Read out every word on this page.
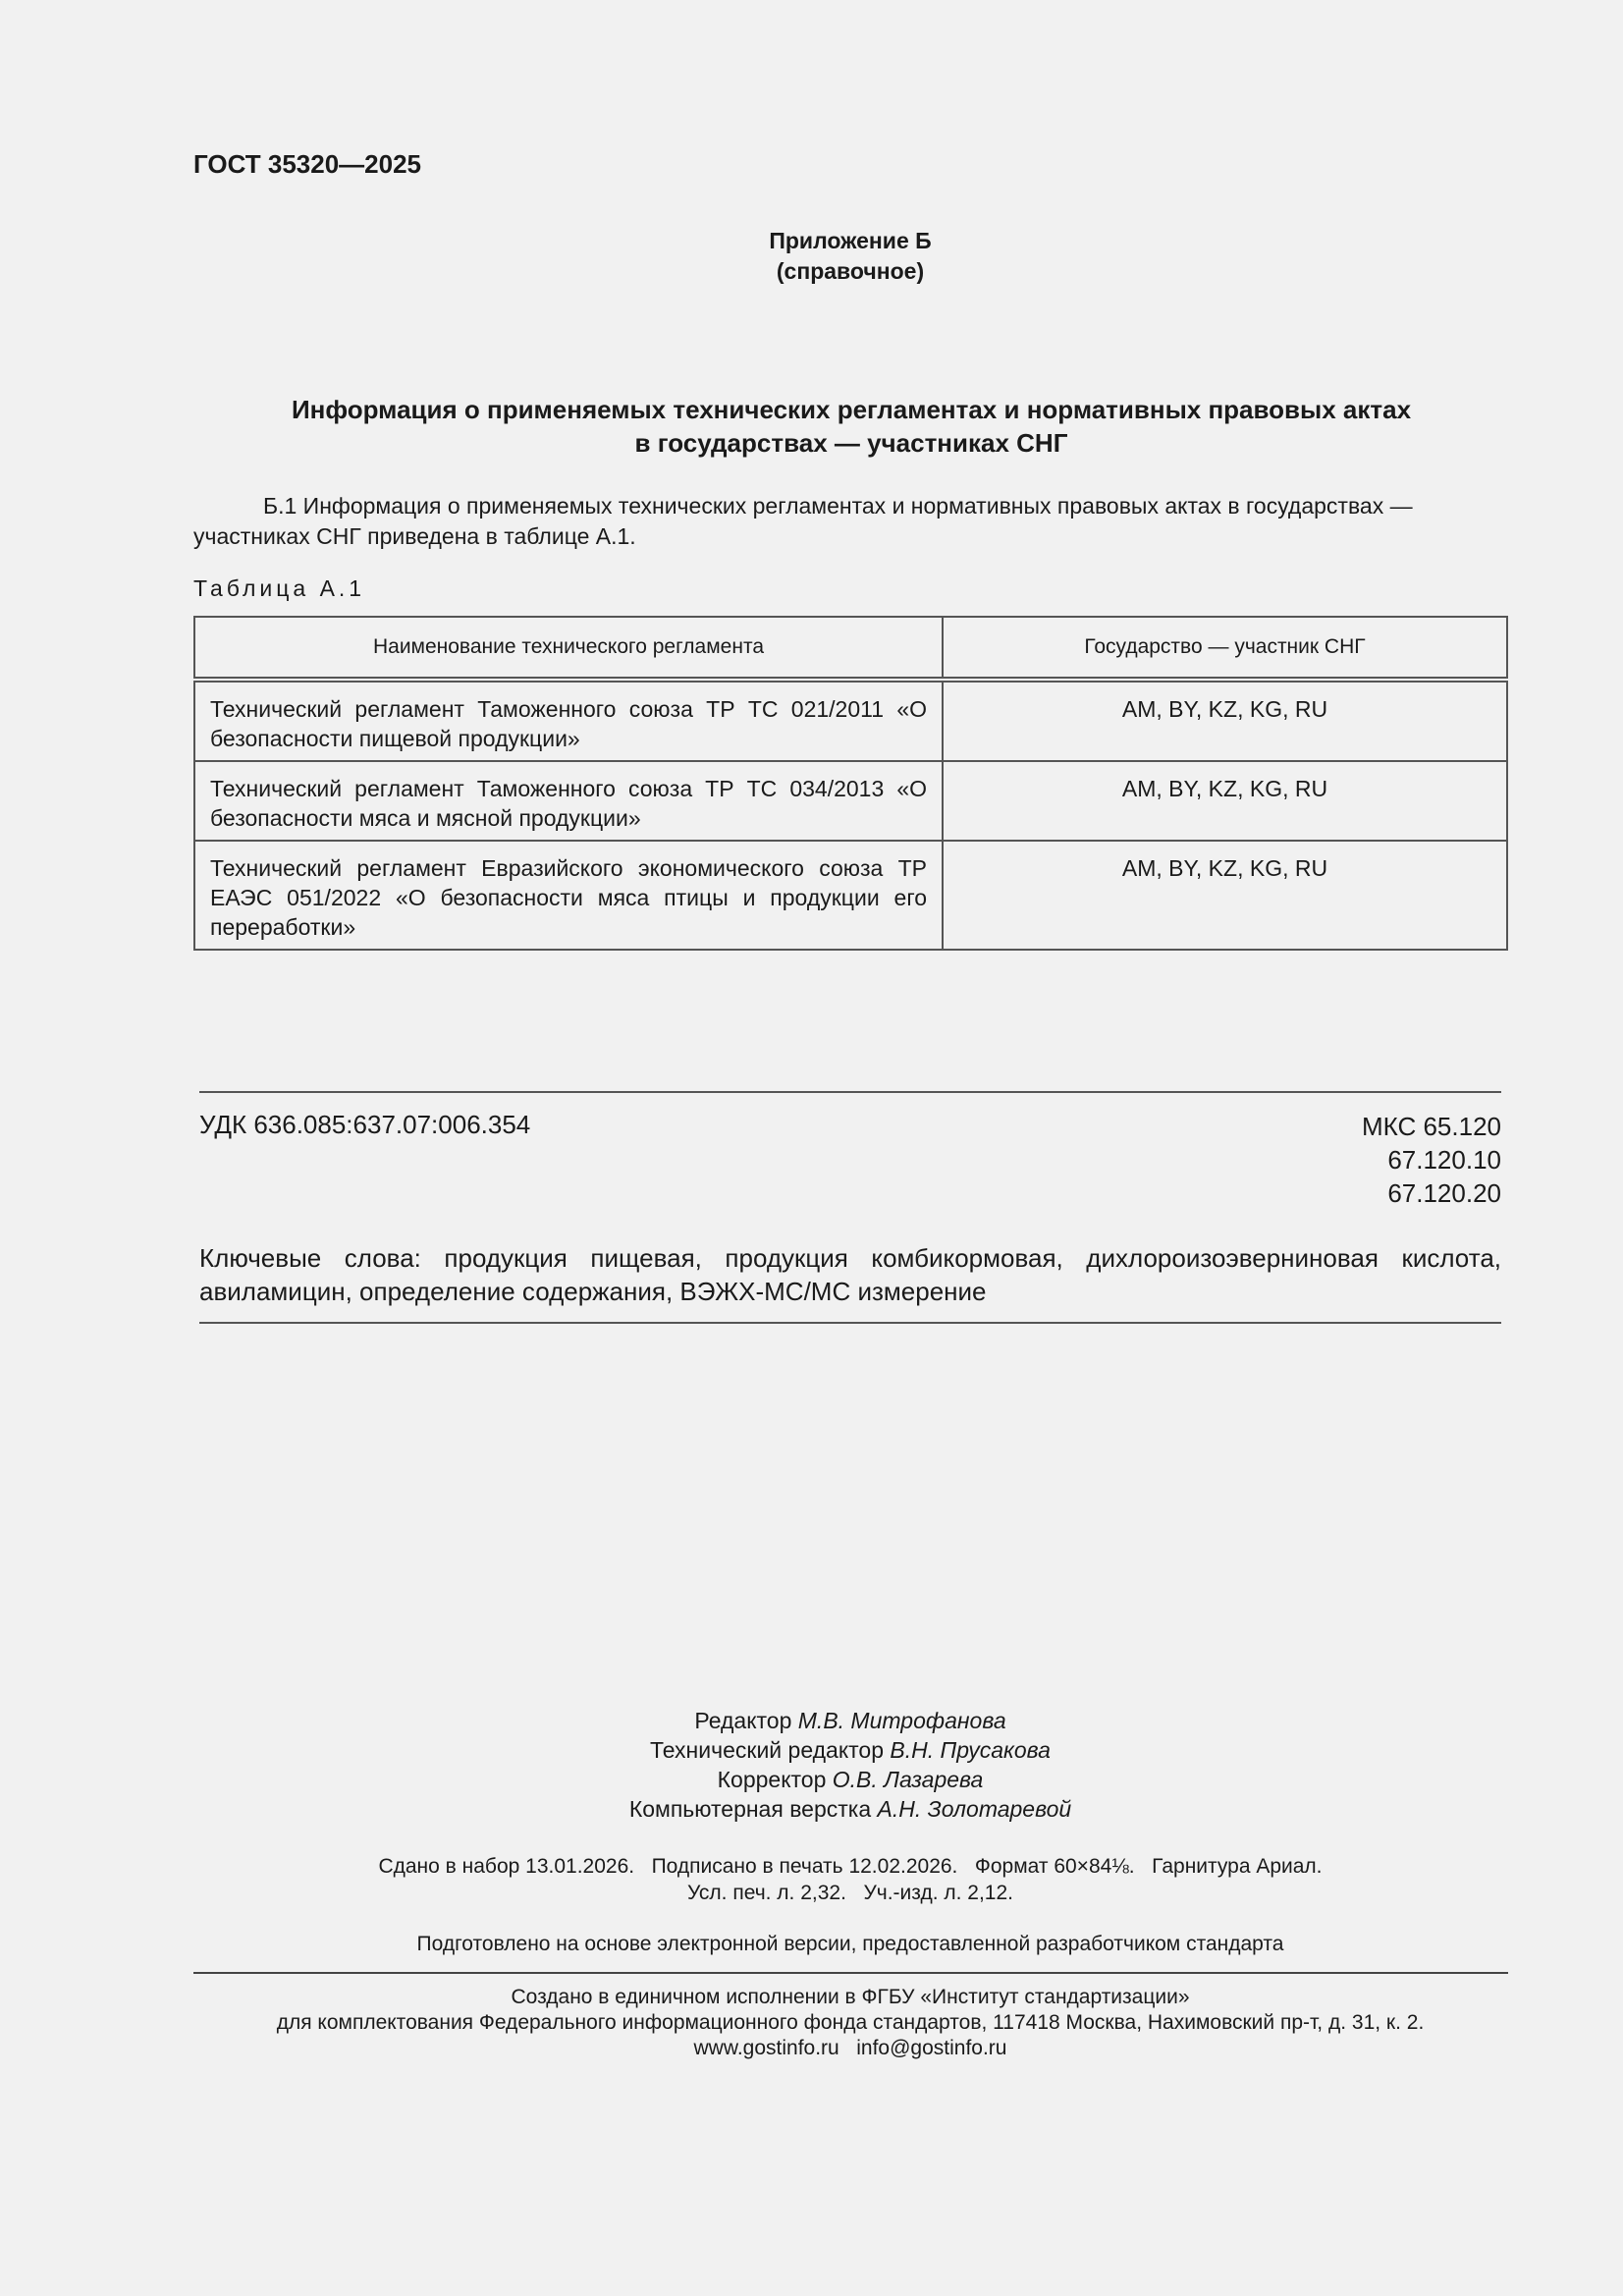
ГОСТ 35320—2025
Приложение Б
(справочное)
Информация о применяемых технических регламентах и нормативных правовых актах
в государствах — участниках СНГ
Б.1 Информация о применяемых технических регламентах и нормативных правовых актах в государствах — участниках СНГ приведена в таблице А.1.
Таблица А.1
Наименование технического регламента	Государство — участник СНГ
Технический регламент Таможенного союза ТР ТС 021/2011 «О безопасности пищевой продукции»	AM, BY, KZ, KG, RU
Технический регламент Таможенного союза ТР ТС 034/2013 «О безопасности мяса и мясной продукции»	AM, BY, KZ, KG, RU
Технический регламент Евразийского экономического союза ТР ЕАЭС 051/2022 «О безопасности мяса птицы и продукции его переработки»	AM, BY, KZ, KG, RU
УДК 636.085:637.07:006.354	МКС 65.120
67.120.10
67.120.20
Ключевые слова: продукция пищевая, продукция комбикормовая, дихлороизоэверниновая кислота, авиламицин, определение содержания, ВЭЖХ-МС/МС измерение
Редактор М.В. Митрофанова
Технический редактор В.Н. Прусакова
Корректор О.В. Лазарева
Компьютерная верстка А.Н. Золотаревой
Сдано в набор 13.01.2026.   Подписано в печать 12.02.2026.   Формат 60×84⅛.   Гарнитура Ариал.
Усл. печ. л. 2,32.   Уч.-изд. л. 2,12.
Подготовлено на основе электронной версии, предоставленной разработчиком стандарта
Создано в единичном исполнении в ФГБУ «Институт стандартизации»
для комплектования Федерального информационного фонда стандартов, 117418 Москва, Нахимовский пр-т, д. 31, к. 2.
www.gostinfo.ru info@gostinfo.ru
